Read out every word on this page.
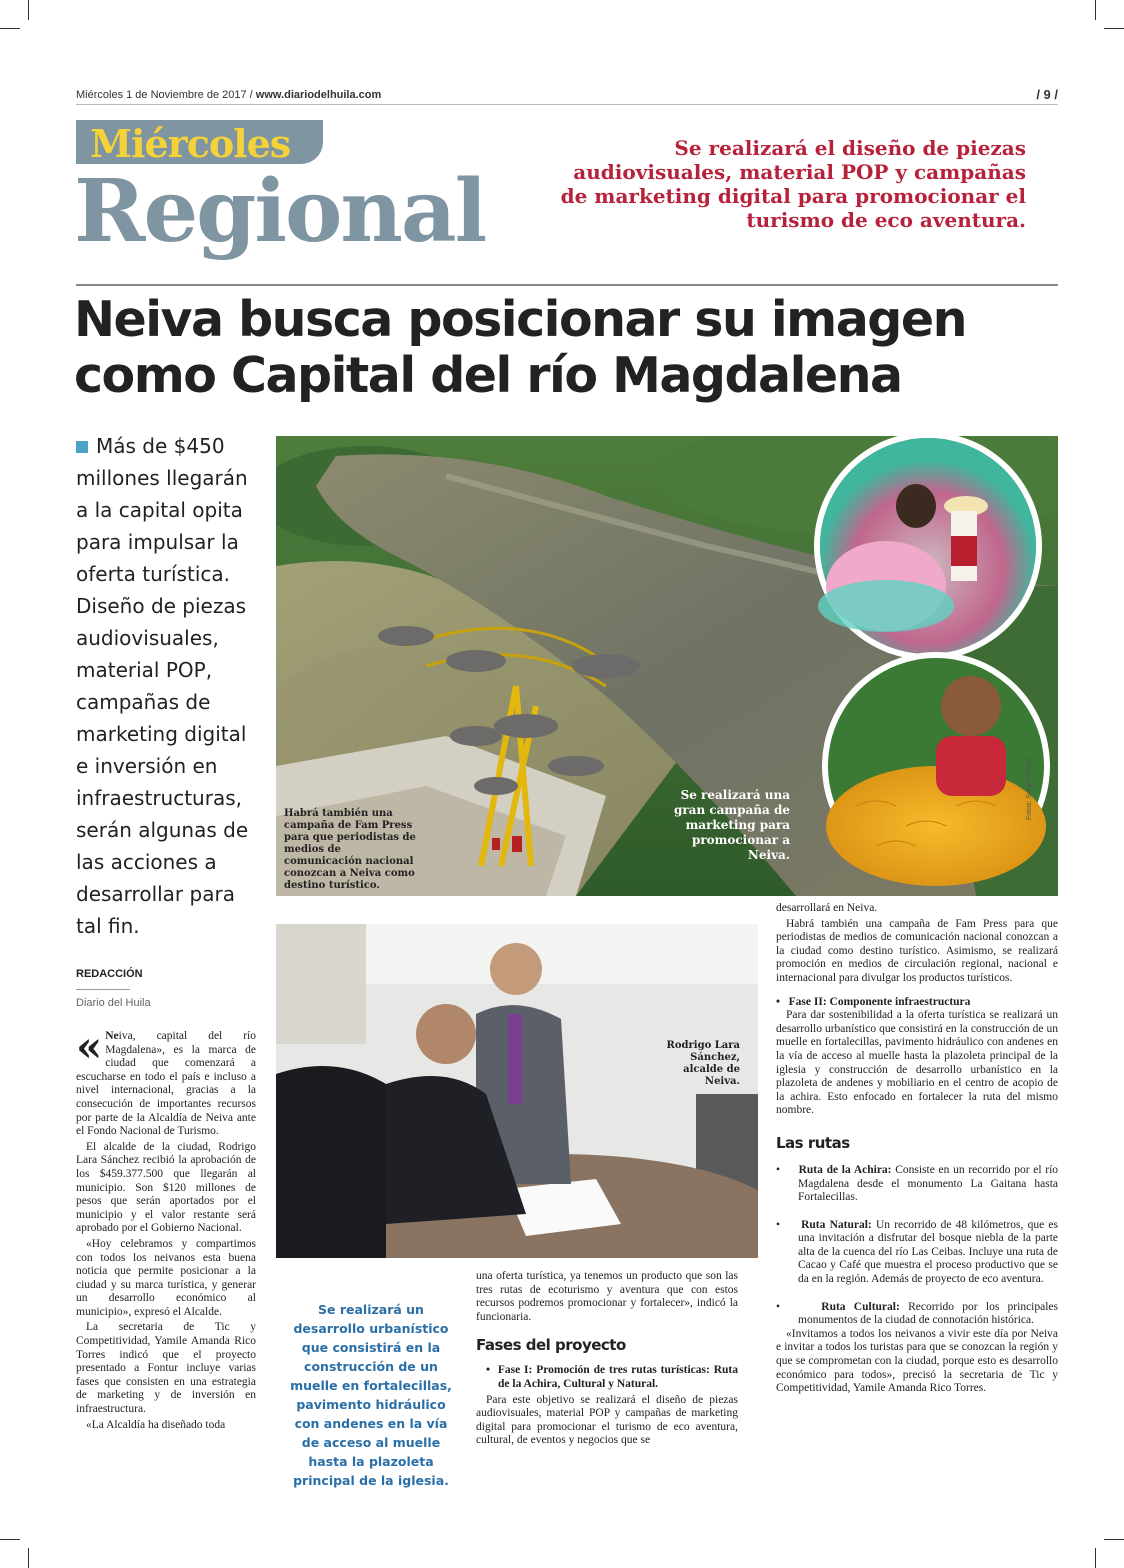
Miércoles 1 de Noviembre de 2017 / www.diariodelhuila.com	/ 9 /
Miércoles
Regional
Se realizará el diseño de piezas audiovisuales, material POP y campañas de marketing digital para promocionar el turismo de eco aventura.
Neiva busca posicionar su imagen como Capital del río Magdalena
Más de $450 millones llegarán a la capital opita para impulsar la oferta turística. Diseño de piezas audiovisuales, material POP, campañas de marketing digital e inversión en infraestructuras, serán algunas de las acciones a desarrollar para tal fin.
REDACCIÓN
Diario del Huila
Habrá también una campaña de Fam Press para que periodistas de medios de comunicación nacional conozcan a Neiva como destino turístico.
Se realizará una gran campaña de marketing para promocionar a Neiva.
Fotos: Sergio Reyes
Rodrigo Lara Sánchez, alcalde de Neiva.

« Neiva, capital del río Magdalena», es la marca de ciudad que comenzará a escucharse en todo el país e incluso a nivel internacional, gracias a la consecución de importantes recursos por parte de la Alcaldía de Neiva ante el Fondo Nacional de Turismo.

El alcalde de la ciudad, Rodrigo Lara Sánchez recibió la aprobación de los $459.377.500 que llegarán al municipio. Son $120 millones de pesos que serán aportados por el municipio y el valor restante será aprobado por el Gobierno Nacional.

«Hoy celebramos y compartimos con todos los neivanos esta buena noticia que permite posicionar a la ciudad y su marca turística, y generar un desarrollo económico al municipio», expresó el Alcalde.

La secretaria de Tic y Competitividad, Yamile Amanda Rico Torres indicó que el proyecto presentado a Fontur incluye varias fases que consisten en una estrategia de marketing y de inversión en infraestructura.

«La Alcaldía ha diseñado toda

Se realizará un desarrollo urbanístico que consistirá en la construcción de un muelle en fortalecillas, pavimento hidráulico con andenes en la vía de acceso al muelle hasta la plazoleta principal de la iglesia.

una oferta turística, ya tenemos un producto que son las tres rutas de ecoturismo y aventura que con estos recursos podremos promocionar y fortalecer», indicó la funcionaria.

Fases del proyecto
•  Fase I: Promoción de tres rutas turísticas: Ruta de la Achira, Cultural y Natural.

Para este objetivo se realizará el diseño de piezas audiovisuales, material POP y campañas de marketing digital para promocionar el turismo de eco aventura, cultural, de eventos y negocios que se

desarrollará en Neiva.

Habrá también una campaña de Fam Press para que periodistas de medios de comunicación nacional conozcan a la ciudad como destino turístico. Asimismo, se realizará promoción en medios de circulación regional, nacional e internacional para divulgar los productos turísticos.

•   Fase II: Componente infraestructura

Para dar sostenibilidad a la oferta turística se realizará un desarrollo urbanístico que consistirá en la construcción de un muelle en fortalecillas, pavimento hidráulico con andenes en la vía de acceso al muelle hasta la plazoleta principal de la iglesia y construcción de desarrollo urbanístico en la plazoleta de andenes y mobiliario en el centro de acopio de la achira. Esto enfocado en fortalecer la ruta del mismo nombre.

Las rutas
•     Ruta de la Achira: Consiste en un recorrido por el río Magdalena desde el monumento La Gaitana hasta Fortalecillas.
•     Ruta Natural: Un recorrido de 48 kilómetros, que es una invitación a disfrutar del bosque niebla de la parte alta de la cuenca del río Las Ceibas. Incluye una ruta de Cacao y Café que muestra el proceso productivo que se da en la región. Además de proyecto de eco aventura.
•     Ruta Cultural: Recorrido por los principales monumentos de la ciudad de connotación histórica.

«Invitamos a todos los neivanos a vivir este día por Neiva e invitar a todos los turistas para que se conozcan la región y que se comprometan con la ciudad, porque esto es desarrollo económico para todos», precisó la secretaria de Tic y Competitividad, Yamile Amanda Rico Torres.
